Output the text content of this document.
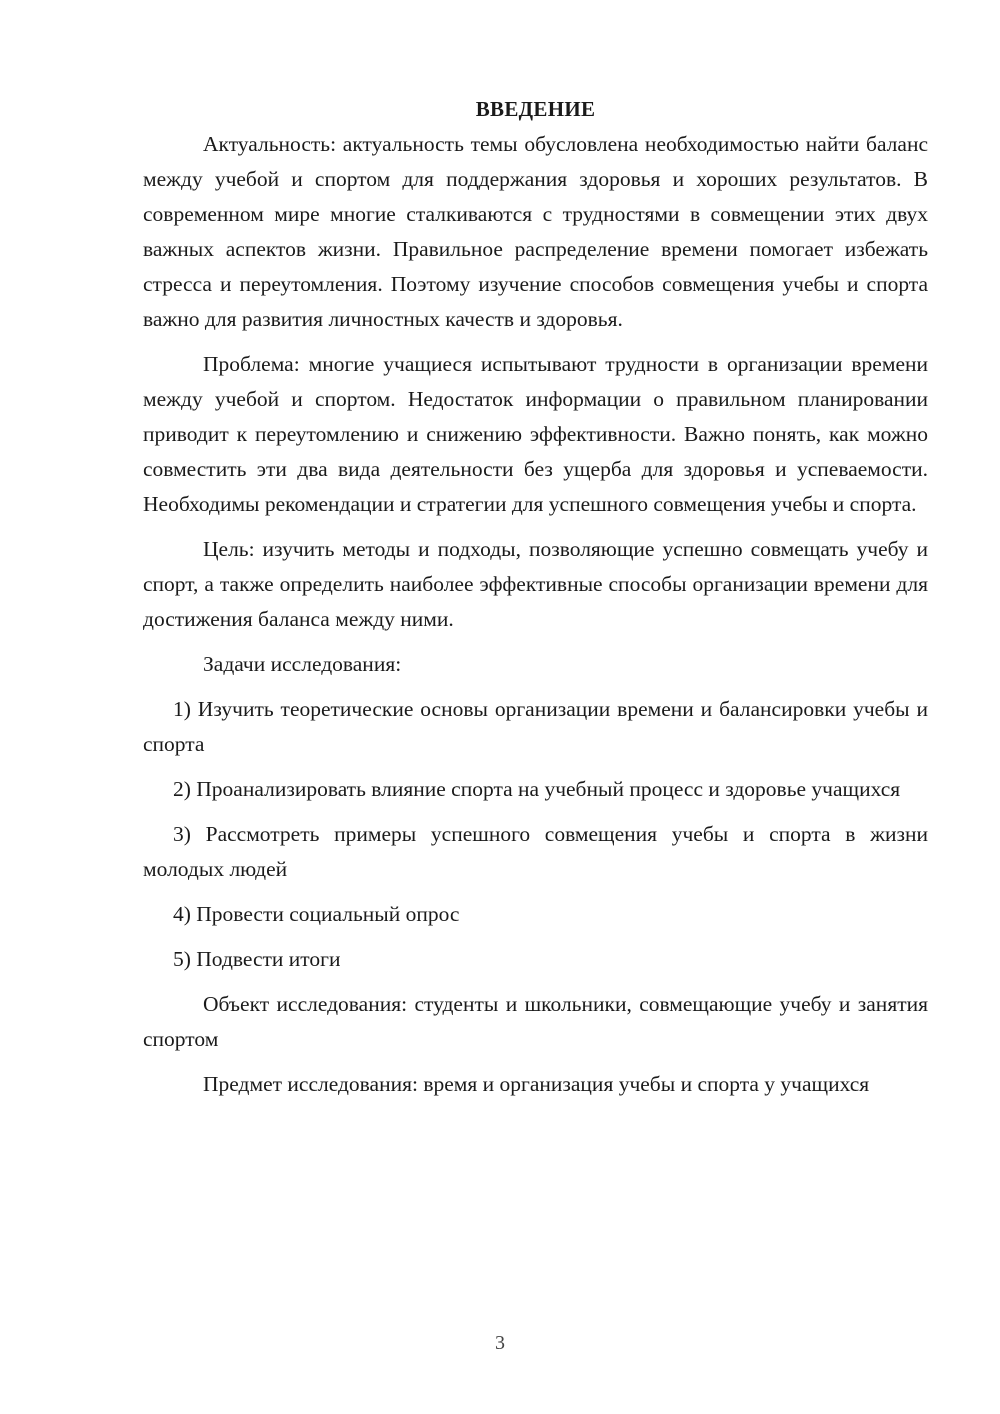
ВВЕДЕНИЕ

Актуальность: актуальность темы обусловлена необходимостью найти баланс между учебой и спортом для поддержания здоровья и хороших результатов. В современном мире многие сталкиваются с трудностями в совмещении этих двух важных аспектов жизни. Правильное распределение времени помогает избежать стресса и переутомления. Поэтому изучение способов совмещения учебы и спорта важно для развития личностных качеств и здоровья.

Проблема: многие учащиеся испытывают трудности в организации времени между учебой и спортом. Недостаток информации о правильном планировании приводит к переутомлению и снижению эффективности. Важно понять, как можно совместить эти два вида деятельности без ущерба для здоровья и успеваемости. Необходимы рекомендации и стратегии для успешного совмещения учебы и спорта.

Цель: изучить методы и подходы, позволяющие успешно совмещать учебу и спорт, а также определить наиболее эффективные способы организации времени для достижения баланса между ними.

Задачи исследования:

1) Изучить теоретические основы организации времени и балансировки учебы и спорта

2) Проанализировать влияние спорта на учебный процесс и здоровье учащихся

3) Рассмотреть примеры успешного совмещения учебы и спорта в жизни молодых людей

4) Провести социальный опрос

5) Подвести итоги

Объект исследования: студенты и школьники, совмещающие учебу и занятия спортом

Предмет исследования: время и организация учебы и спорта у учащихся

3
